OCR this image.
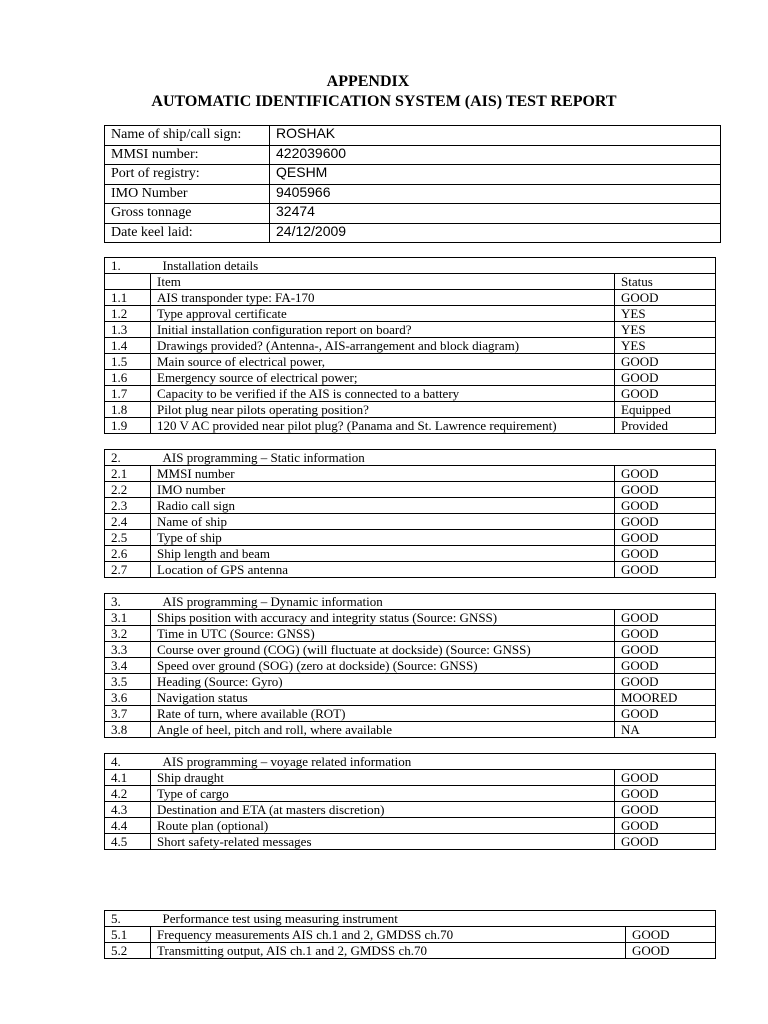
APPENDIX
AUTOMATIC IDENTIFICATION SYSTEM (AIS) TEST REPORT
Name of ship/call sign:	ROSHAK
MMSI number:	422039600
Port of registry:	QESHM
IMO Number	9405966
Gross tonnage	32474
Date keel laid:	24/12/2009
1.	Installation details	
	Item	Status
1.1	AIS transponder type: FA-170	GOOD
1.2	Type approval certificate	YES
1.3	Initial installation configuration report on board?	YES
1.4	Drawings provided? (Antenna-, AIS-arrangement and block diagram)	YES
1.5	Main source of electrical power,	GOOD
1.6	Emergency source of electrical power;	GOOD
1.7	Capacity to be verified if the AIS is connected to a battery	GOOD
1.8	Pilot plug near pilots operating position?	Equipped
1.9	120 V AC provided near pilot plug? (Panama and St. Lawrence requirement)	Provided
2.	AIS programming – Static information	
2.1	MMSI number	GOOD
2.2	IMO number	GOOD
2.3	Radio call sign	GOOD
2.4	Name of ship	GOOD
2.5	Type of ship	GOOD
2.6	Ship length and beam	GOOD
2.7	Location of GPS antenna	GOOD
3.	AIS programming – Dynamic information	
3.1	Ships position with accuracy and integrity status (Source: GNSS)	GOOD
3.2	Time in UTC (Source: GNSS)	GOOD
3.3	Course over ground (COG) (will fluctuate at dockside) (Source: GNSS)	GOOD
3.4	Speed over ground (SOG) (zero at dockside) (Source: GNSS)	GOOD
3.5	Heading (Source: Gyro)	GOOD
3.6	Navigation status	MOORED
3.7	Rate of turn, where available (ROT)	GOOD
3.8	Angle of heel, pitch and roll, where available	NA
4.	AIS programming – voyage related information	
4.1	Ship draught	GOOD
4.2	Type of cargo	GOOD
4.3	Destination and ETA (at masters discretion)	GOOD
4.4	Route plan (optional)	GOOD
4.5	Short safety-related messages	GOOD
5.	Performance test using measuring instrument	
5.1	Frequency measurements AIS ch.1 and 2, GMDSS ch.70	GOOD
5.2	Transmitting output, AIS ch.1 and 2, GMDSS ch.70	GOOD
